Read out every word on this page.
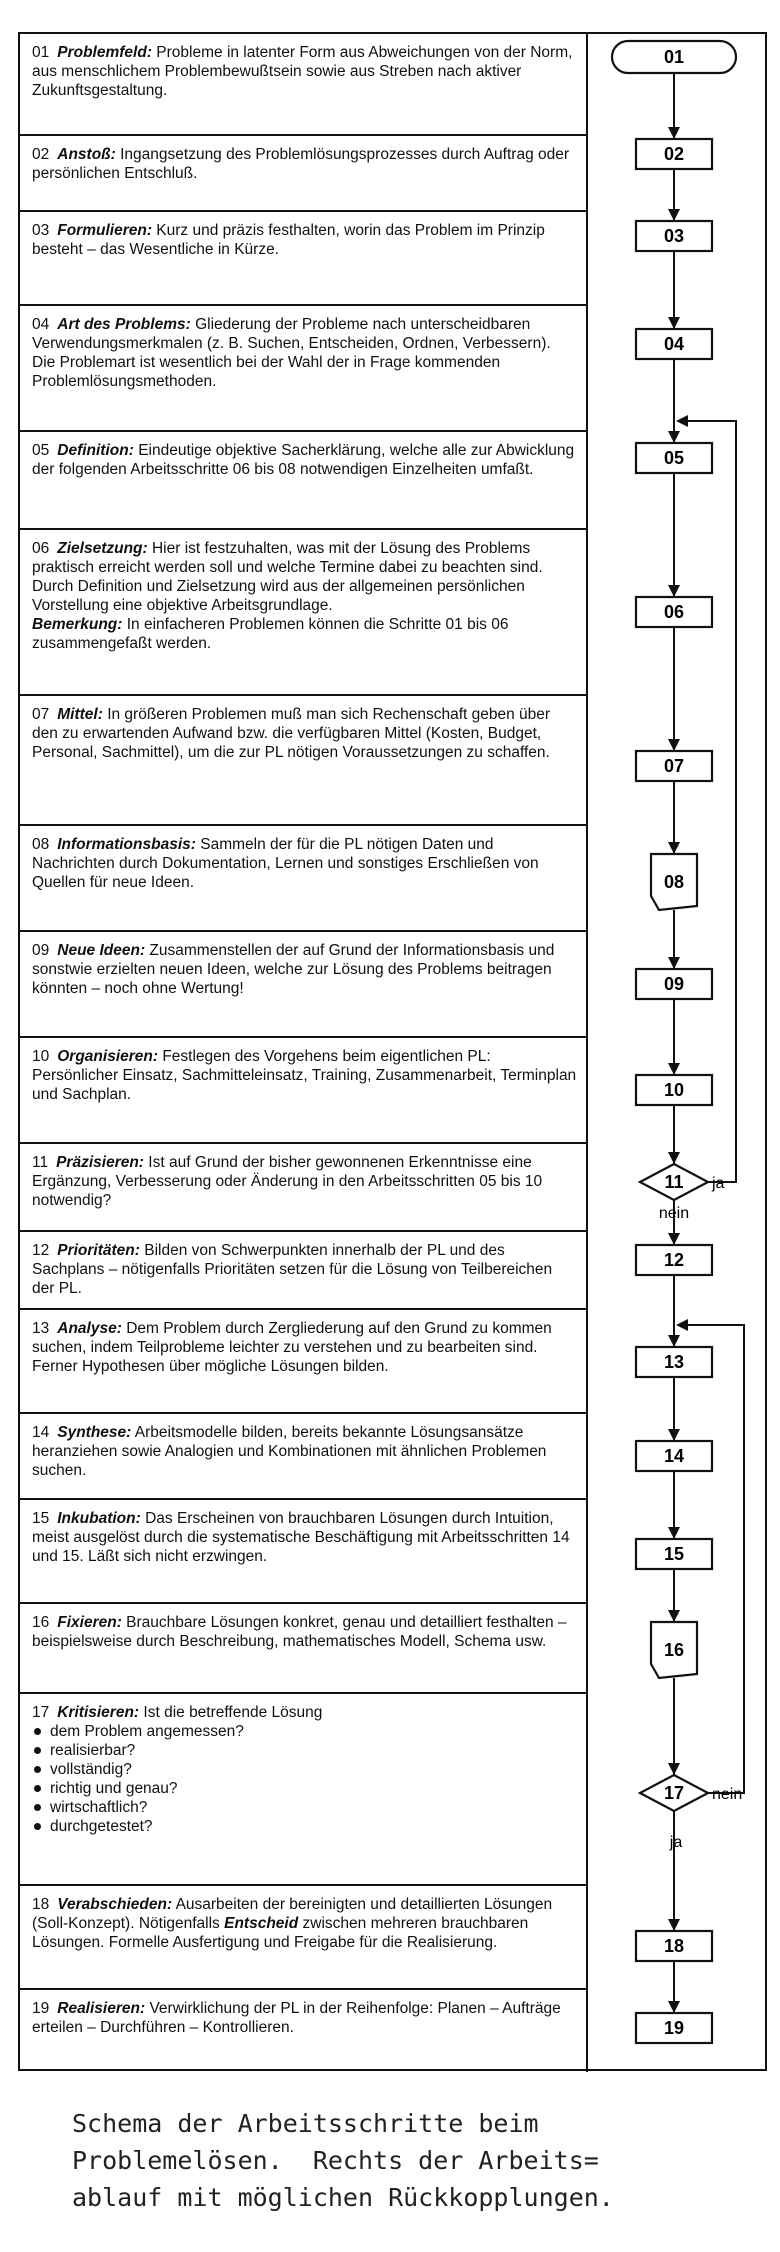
01 Problemfeld: Probleme in latenter Form aus Abweichungen von der Norm, aus menschlichem Problembewußtsein sowie aus Streben nach aktiver Zukunftsgestaltung.
02 Anstoß: Ingangsetzung des Problemlösungsprozesses durch Auftrag oder persönlichen Entschluß.
03 Formulieren: Kurz und präzis festhalten, worin das Problem im Prinzip besteht – das Wesentliche in Kürze.
04 Art des Problems: Gliederung der Probleme nach unterscheidbaren Verwendungsmerkmalen (z. B. Suchen, Entscheiden, Ordnen, Verbessern). Die Problemart ist wesentlich bei der Wahl der in Frage kommenden Problemlösungsmethoden.
05 Definition: Eindeutige objektive Sacherklärung, welche alle zur Abwicklung der folgenden Arbeitsschritte 06 bis 08 notwendigen Einzelheiten umfaßt.
06 Zielsetzung: Hier ist festzuhalten, was mit der Lösung des Problems praktisch erreicht werden soll und welche Termine dabei zu beachten sind. Durch Definition und Zielsetzung wird aus der allgemeinen persönlichen Vorstellung eine objektive Arbeitsgrundlage.
Bemerkung: In einfacheren Problemen können die Schritte 01 bis 06 zusammengefaßt werden.
07 Mittel: In größeren Problemen muß man sich Rechenschaft geben über den zu erwartenden Aufwand bzw. die verfügbaren Mittel (Kosten, Budget, Personal, Sachmittel), um die zur PL nötigen Voraussetzungen zu schaffen.
08 Informationsbasis: Sammeln der für die PL nötigen Daten und Nachrichten durch Dokumentation, Lernen und sonstiges Erschließen von Quellen für neue Ideen.
09 Neue Ideen: Zusammenstellen der auf Grund der Informationsbasis und sonstwie erzielten neuen Ideen, welche zur Lösung des Problems beitragen könnten – noch ohne Wertung!
10 Organisieren: Festlegen des Vorgehens beim eigentlichen PL: Persönlicher Einsatz, Sachmitteleinsatz, Training, Zusammenarbeit, Terminplan und Sachplan.
11 Präzisieren: Ist auf Grund der bisher gewonnenen Erkenntnisse eine Ergänzung, Verbesserung oder Änderung in den Arbeitsschritten 05 bis 10 notwendig?
12 Prioritäten: Bilden von Schwerpunkten innerhalb der PL und des Sachplans – nötigenfalls Prioritäten setzen für die Lösung von Teilbereichen der PL.
13 Analyse: Dem Problem durch Zergliederung auf den Grund zu kommen suchen, indem Teilprobleme leichter zu verstehen und zu bearbeiten sind. Ferner Hypothesen über mögliche Lösungen bilden.
14 Synthese: Arbeitsmodelle bilden, bereits bekannte Lösungsansätze heranziehen sowie Analogien und Kombinationen mit ähnlichen Problemen suchen.
15 Inkubation: Das Erscheinen von brauchbaren Lösungen durch Intuition, meist ausgelöst durch die systematische Beschäftigung mit Arbeitsschritten 14 und 15. Läßt sich nicht erzwingen.
16 Fixieren: Brauchbare Lösungen konkret, genau und detailliert festhalten – beispielsweise durch Beschreibung, mathematisches Modell, Schema usw.
17 Kritisieren: Ist die betreffende Lösung
dem Problem angemessen?
realisierbar?
vollständig?
richtig und genau?
wirtschaftlich?
durchgetestet?
18 Verabschieden: Ausarbeiten der bereinigten und detaillierten Lösungen (Soll-Konzept). Nötigenfalls Entscheid zwischen mehreren brauchbaren Lösungen. Formelle Ausfertigung und Freigabe für die Realisierung.
19 Realisieren: Verwirklichung der PL in der Reihenfolge: Planen – Aufträge erteilen – Durchführen – Kontrollieren.
01
02
03
04
05
06
07
08
09
10
11
12
13
14
15
16
17
18
19
ja
nein
nein
ja
Schema der Arbeitsschritte beim
Problemelösen.  Rechts der Arbeits=
ablauf mit möglichen Rückkopplungen.
